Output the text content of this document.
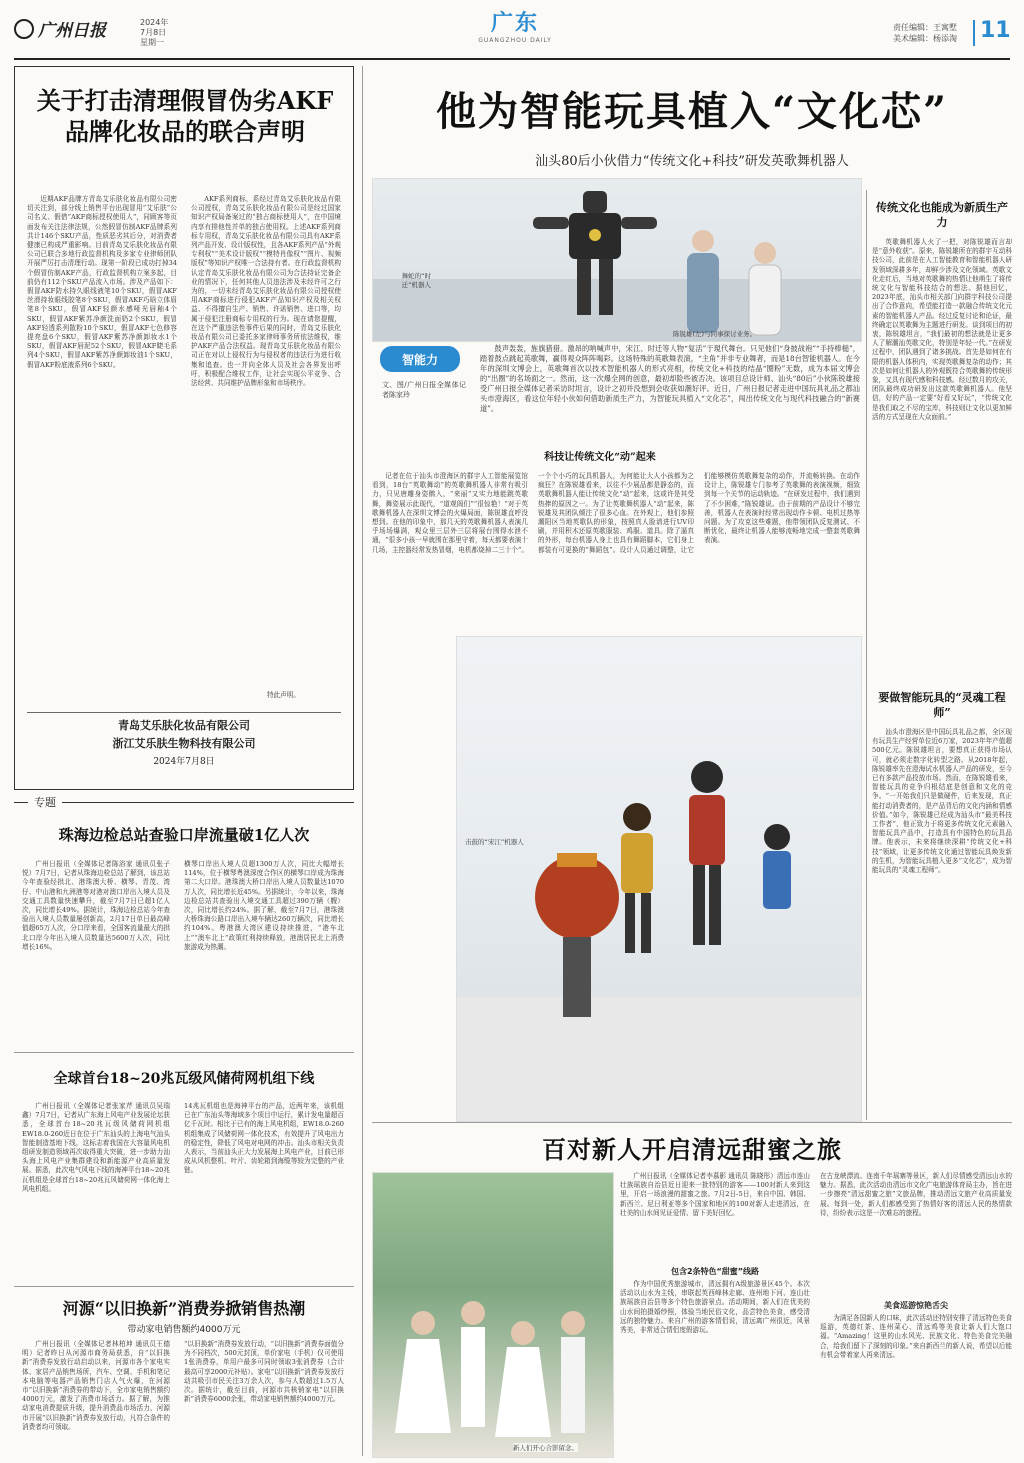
广州日报	2024年
7月8日
星期一
广东
GUANGZHOU DAILY
责任编辑：王寓墅
美术编辑：杨添淘 11
关于打击清理假冒伪劣AKF品牌化妆品的联合声明
近期AKF品牌方青岛艾乐肤化妆品有限公司密切关注到，部分线上销售平台出现冒用“艾乐肤”公司名义、假借“AKF商标授权使用人”，同顾客等页面发布关注法律法规，公然假冒仿制AKF品牌系列共计146个SKU产品，性质恶劣其后分，对消费者健康已构成严重影响。目前青岛艾乐肤化妆品有限公司已联合多地行政监督机构及多家专业律师团队开展严厉打击清理行动。现第一阶段已成功打掉34个假冒仿制AKF产品，行政监督机构立案多起，目前仍有112个SKU产品流入市场。涉及产品如下：假冒AKF防水持久眼线液笔10个SKU，假冒AKF丝滑持妆眼线胶笔8个SKU，假冒AKF巧晗立体眉笔8个SKU，假冒AKF轻颜水感哑光唇釉4个SKU，假冒AKF紫苏净颜洗面奶2个SKU，假冒AKF轻透系列散粉10个SKU，假冒AKF七色修容提亮盘6个SKU，假冒AKF紫苏净颜卸妆水1个SKU，假冒AKF唇泥52个SKU，假冒AKF睫毛系列4个SKU，假冒AKF紫苏净颜卸妆油1个SKU，假冒AKF粉底液系列6个SKU。
AKF系列商标，系经过青岛艾乐肤化妆品有限公司授权，青岛艾乐肤化妆品有限公司是经过国家知识产权局备案过的“独占商标使用人”，在中国境内享有排他性并单的独占使用权。上述AKF系列商标专用权，青岛艾乐肤化妆品有限公司具有AKF系列产品开发、设计版权性，且各AKF系列产品“外观专利权”“美术设计版权”“模特肖像权”“图片、视频版权”等知识产权唯一合法持有者。在行政监督机构认定青岛艾乐肤化妆品有限公司为合法持证完备企业的情况下，任何其他人员违法涉及未经许可之行为的，一切未经青岛艾乐肤化妆品有限公司授权使用AKF商标进行侵犯AKF产品知识产权及相关权益、不得擅自生产、销售、许诺销售、进口等，均属于侵犯注册商标专用权的行为。现在请您提醒，在这个严重违法性事件后果的同时，青岛艾乐肤化妆品有限公司已委托多家律师事务所依法维权，维护AKF产品合法权益。现青岛艾乐肤化妆品有限公司正在对以上侵权行为与侵权者的违法行为进行收集和追查。也一并向全体人员及社会各界发出呼吁，积极配合维权工作，让社会实现公平竞争、合法经营、共同维护品牌形象和市场秩序。
特此声明。
青岛艾乐肤化妆品有限公司
浙江艾乐肤生物科技有限公司
2024年7月8日
专题
珠海边检总站查验口岸流量破1亿人次
广州日报讯（全媒体记者陈浴家 通讯员张子悦）7月7日，记者从珠海边检总站了解到，该总站今年查验经拱北、港珠澳大桥、横琴、青茂、湾仔、中山港和九洲港等对港对澳口岸出入境人员及交通工具数量快速攀升，截至7月7日已超1亿人次，同比增长49%。据统计，珠海边检总站今年查验出入境人员数量屡创新高，2月17日单日最高峰值超65万人次，分口岸来看，全国客流量最大的拱北口岸今年出入境人员数量达5600万人次，同比增长16%。
横琴口岸出入境人员超1300万人次，同比大幅增长114%，位于横琴粤澳深度合作区的横琴口岸成为珠海第二大口岸。港珠澳大桥口岸出入境人员数量达1070万人次，同比增长近45%。另据统计，今年以来，珠海边检总站共查验出入境交通工具超过390万辆（艘）次，同比增长约24%。据了解，截至7月7日，港珠澳大桥珠海公路口岸出入境车辆达260万辆次，同比增长约104%。粤港澳大湾区建设持续推进，“港车北上”“澳车北上”政策红利持续释放，港澳居民北上消费旅游成为热潮。
全球首台18~20兆瓦级风储荷网机组下线
广州日报讯（全媒体记者张家芹 通讯员吴瑞鑫）7月7日，记者从广东海上风电产业发展论坛获悉，全球首台18~20兆瓦级风储荷网机组EW18.0-260近日在位于广东汕头的上海电气汕头智能制造基地下线，这标志着我国在大容量风电机组研发制造领域再次取得重大突破，进一步助力汕头海上风电产业集群建设和新能源产业高质量发展。据悉，此次电气风电下线的海神平台18~20兆瓦机组是全球首台18~20兆瓦风储荷网一体化海上风电机组。
14兆瓦机组也是海神平台的产品，近两年来，该机组已在广东汕头等海域多个项目中运行，累计发电量超百亿千瓦时。相比于已有的海上风电机组，EW18.0-260机组集成了风储荷网一体化技术，有效提升了风电出力的稳定性，降低了风电对电网的冲击。汕头市相关负责人表示，当前汕头正大力发展海上风电产业，目前已形成从风机整机、叶片、齿轮箱到海缆等较为完整的产业链。
河源“以旧换新”消费券掀销售热潮
带动家电销售额约4000万元
广州日报讯（全媒体记者林柏坤 通讯员王德明）记者昨日从河源市商务局获悉，自“以旧换新”消费券发放行动启动以来，河源市各个家电实体、家居产品销售场所，汽车、空调、手机和笔记本电脑等电器产品销售门店人气火爆，在河源市“以旧换新”消费券的带动下，全市家电销售额约4000万元，激发了消费市场活力。据了解，为推动家电消费提质升级，提升消费品市场活力，河源市开展“以旧换新”消费券发放行动，凡符合条件的消费者均可领取。
“以旧换新”消费券发放行动，“以旧换新”消费券面值分为不同档次，500元封顶，单价家电（手机）仅可使用1张消费券，单用户最多可同时领取3张消费券（合计最高可享2000元补贴）。家电“以旧换新”消费券发放行动共吸引市民关注3万余人次，参与人数超过1.5万人次。据统计，截至目前，河源市共核销家电“以旧换新”消费券6000余张，带动家电销售额约4000万元。
他为智能玩具植入“文化芯”
汕头80后小伙借力“传统文化+科技”研发英歌舞机器人
舞蛇的“时迁”机器人
陈锐雄(左)与同事探讨业务。
智能力
文、图/广州日报全媒体记者陈家玲
鼓声轰轰，旌旗猎猎。激昂的呐喊声中，宋江、时迁等人物“复活”于現代舞台。只见他们“身披战袍”“手持棒槌”，踏着鼓点跳起英歌舞，赢得观众阵阵喝彩。这场特殊的英歌舞表演，“主角”并非专业舞者，而是18台智能机器人。在今年的深圳文博会上，英歌舞首次以技术智能机器人的形式亮相，传统文化+科技的结晶“圈粉”无数，成为本届文博会的“出圈”的名场面之一。然而，这一次爆全网的创意，最初却险些被否决。该项目总设计师、汕头“80后”小伙陈锐雄接受广州日报全媒体记者采访时坦言，设计之初并没想到会收获如潮好评。近日，广州日报记者走进中国玩具礼品之都汕头市澄海区，看这位年轻小伙如何借助新质生产力，为智能玩具植入“文化芯”，闯出传统文化与现代科技融合的“新赛道”。
科技让传统文化“动”起来
记者在位于汕头市澄海区的群宇人工智能展览馆看到，18台“英歌舞动”的英歌舞机器人非常有吸引力，只见唐雕身姿鹘入，“来丽”又实力地能跳英歌舞，舞姿展示此现代，“道观阁们”“很惊艳！”对于英歌舞机器人在深圳文博会的火爆局面，陈锐雄直呼没想到。在他的印象中，那几天的英歌舞机器人表演几乎场场爆满，观众里三层外三层将展台围得水泄不通，“很多小孩一早就围在那里守着，每天都要表演十几场，主控器经常发热冒烟，电机都烧掉二三十个”。一个个小巧的玩具机器人，为何能让大人小孩都为之疯狂？在陈锐雄看来，以往不少展品都是静态的，而英歌舞机器人能让传统文化“动”起来，这或许是其受热捧的原因之一。为了让英歌舞机器人“动”起来，陈锐雄及其团队倾注了很多心血。在外观上，他们参照潮阳区当地英歌队的形象，按照真人脸谱进行UV印刷，并用积木还原英歌服装、鸡服、道具。除了逼真的外形，每台机器人身上也具有舞蹈脚本，它们身上都装有可更换的“舞蹈包”。设计人员通过调整，让它们能够模仿英歌舞复杂的动作，并流畅转换。在动作设计上，陈锐雄专门参考了英歌舞的表演视频，细致到每一个关节的运动轨迹。“在研发过程中，我们遇到了不少困难，”陈锐雄说。由于前期的产品设计不够完善，机器人在表演时经常出现动作卡顿、电机过热等问题。为了攻克这些难题，他带领团队反复测试、不断优化，最终让机器人能够流畅地完成一整套英歌舞表演。
击鼓的“宋江”机器人
传统文化也能成为新质生产力
英歌舞机器人火了一把，对陈锐雄而言却是“意外收获”。原来，陈锐雄所在的群宇互动科技公司，此前是在人工智能教育和智能机器人研发领域深耕多年，却鲜少涉及文化领域。英歌文化走红后，当地对英歌舞的热情让他萌生了将传统文化与智能科技结合的想法。据他回忆，2023年底，汕头市相关部门向群宇科技公司提出了合作意向，希望能打造一款融合传统文化元素的智能机器人产品。经过反复讨论和论证，最终确定以英歌舞为主题进行研发。谈到项目的初衷，陈锐雄坦言，“我们最初的想法就是让更多人了解潮汕英歌文化，特别是年轻一代。”在研发过程中，团队遇到了诸多挑战。首先是如何在有限的机器人体积内，实现英歌舞复杂的动作；其次是如何让机器人的外观既符合英歌舞的传统形象，又具有现代感和科技感。经过数月的攻关，团队最终成功研发出这款英歌舞机器人。他坚信，好的产品一定要“好看又好玩”，“传统文化是我们取之不尽的宝库，科技则让文化以更加鲜活的方式呈现在大众面前。”
要做智能玩具的“灵魂工程师”
汕头市澄海区是中国玩具礼品之都，全区现有玩具生产经营单位近6万家，2023年年产值超500亿元。陈锐雄坦言，要想真正获得市场认可，就必须走数字化转型之路。从2018年起，陈锐雄率先在澄海试水机器人产品的研发，至今已有多款产品投放市场。然而，在陈锐雄看来，智能玩具的竞争归根结底是创意和文化的竞争。“一开始我们只是做硬件，后来发现，真正能打动消费者的，是产品背后的文化内涵和情感价值。”如今，陈锐雄已经成为汕头市“最美科技工作者”，他正致力于将更多传统文化元素融入智能玩具产品中，打造具有中国特色的玩具品牌。他表示，未来将继续深耕“传统文化+科技”领域，让更多传统文化通过智能玩具焕发新的生机，为智能玩具植入更多“文化芯”，成为智能玩具的“灵魂工程师”。
百对新人开启清远甜蜜之旅
新人们开心合影留念。
广州日报讯（全媒体记者李慕影 通讯员 陈晓彤）清远市连山壮族瑶族自治县近日迎来一批特别的游客——100对新人来到这里，开启一场浪漫的甜蜜之旅。7月2日-5日，来自中国、韩国、新西兰、尼日利亚等多个国家和地区的100对新人走进清远，在壮美的山水间见证爱情、留下美好回忆。
包含2条特色“甜蜜”线路
作为中国优秀旅游城市，清远拥有A级旅游景区45个。本次活动以山水为主线，串联起英西峰林走廊、连州地下河、连山壮族瑶族自治县等多个特色旅游景点。活动期间，新人们在优美的山水间拍摄婚纱照，体验当地民俗文化，品尝特色美食，感受清远的独特魅力。来自广州的游客情侣说，清远离广州很近，风景秀美，非常适合情侣度假游玩。
在古龙峡漂流、连南千年瑶寨等景区，新人们尽情感受清远山水的魅力。据悉，此次活动由清远市文化广电旅游体育局主办，旨在进一步擦亮“清远甜蜜之旅”文旅品牌，推动清远文旅产业高质量发展。每到一处，新人们都感受到了热情好客的清远人民的热情款待，纷纷表示这是一次难忘的旅程。
美食巡游惊艳舌尖
为满足各国新人的口味，此次活动还特别安排了清远特色美食巡游，英德红茶、连州菜心、清远鸡等美食让新人们大饱口福。“Amazing！这里的山水风光、民族文化、特色美食完美融合，给我们留下了深刻的印象。”来自新西兰的新人说，希望以后能有机会带着家人再来清远。
